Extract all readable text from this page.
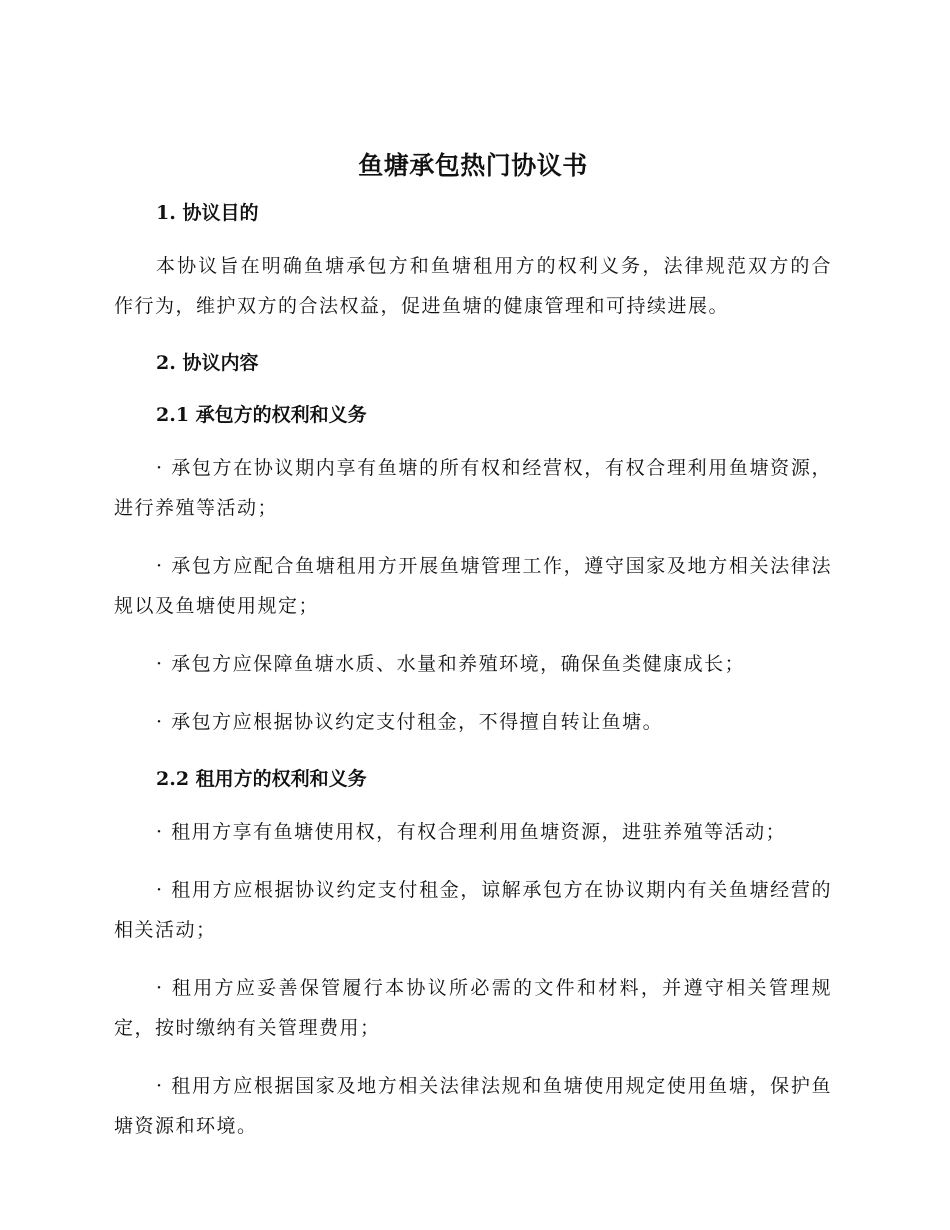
鱼塘承包热门协议书
1. 协议目的

本协议旨在明确鱼塘承包方和鱼塘租用方的权利义务，法律规范双方的合作行为，维护双方的合法权益，促进鱼塘的健康管理和可持续进展。

2. 协议内容
2.1 承包方的权利和义务

· 承包方在协议期内享有鱼塘的所有权和经营权，有权合理利用鱼塘资源，进行养殖等活动；

· 承包方应配合鱼塘租用方开展鱼塘管理工作，遵守国家及地方相关法律法规以及鱼塘使用规定；

· 承包方应保障鱼塘水质、水量和养殖环境，确保鱼类健康成长；

· 承包方应根据协议约定支付租金，不得擅自转让鱼塘。

2.2 租用方的权利和义务

· 租用方享有鱼塘使用权，有权合理利用鱼塘资源，进驻养殖等活动；

· 租用方应根据协议约定支付租金，谅解承包方在协议期内有关鱼塘经营的相关活动；

· 租用方应妥善保管履行本协议所必需的文件和材料，并遵守相关管理规定，按时缴纳有关管理费用；

· 租用方应根据国家及地方相关法律法规和鱼塘使用规定使用鱼塘，保护鱼塘资源和环境。
